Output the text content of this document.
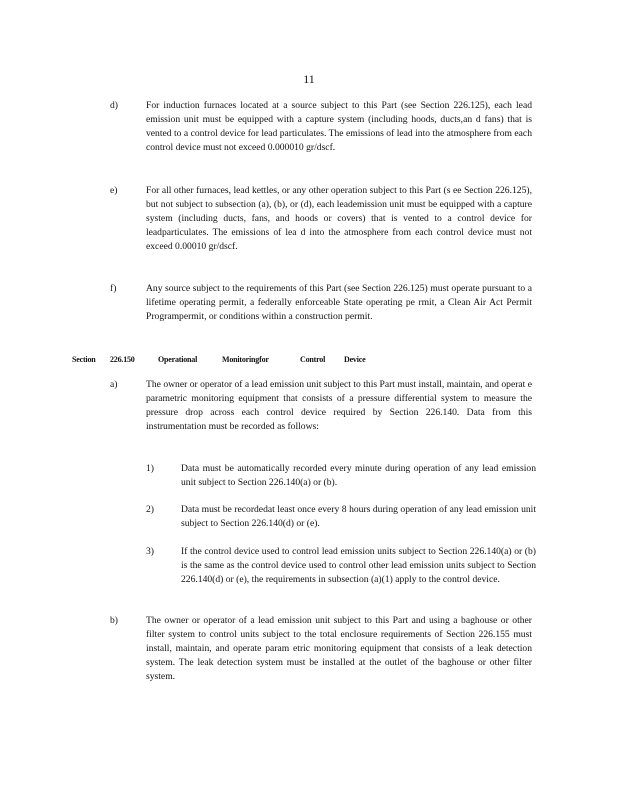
11
d)	For induction furnaces located at a source subject to this Part (see Section 226.125), each lead emission unit must be equipped with a capture system (including hoods, ducts,an d fans) that is vented to a control device for lead particulates. The emissions of lead into the atmosphere from each control device must not exceed 0.000010 gr/dscf.
e)	For all other furnaces, lead kettles, or any other operation subject to this Part (s ee Section 226.125), but not subject to subsection (a), (b), or (d), each leademission unit must be equipped with a capture system (including ducts, fans, and hoods or covers) that is vented to a control device for leadparticulates. The emissions of lea d into the atmosphere from each control device must not exceed 0.00010 gr/dscf.
f)	Any source subject to the requirements of this Part (see Section 226.125) must operate pursuant to a lifetime operating permit, a federally enforceable State operating pe rmit, a Clean Air Act Permit Programpermit, or conditions within a construction permit.
Section 226.150	Operational	Monitoringfor	Control Device
a)	The owner or operator of a lead emission unit subject to this Part must install, maintain, and operat e parametric monitoring equipment that consists of a pressure differential system to measure the pressure drop across each control device required by Section 226.140. Data from this instrumentation must be recorded as follows:
1)	Data must be automatically recorded every minute during operation of any lead emission unit subject to Section 226.140(a) or (b).
2)	Data must be recordedat least once every 8 hours during operation of any lead emission unit subject to Section 226.140(d) or (e).
3)	If the control device used to control lead emission units subject to Section 226.140(a) or (b) is the same as the control device used to control other lead emission units subject to Section 226.140(d) or (e), the requirements in subsection (a)(1) apply to the control device.
b)	The owner or operator of a lead emission unit subject to this Part and using a baghouse or other filter system to control units subject to the total enclosure requirements of Section 226.155 must install, maintain, and operate param etric monitoring equipment that consists of a leak detection system. The leak detection system must be installed at the outlet of the baghouse or other filter system.
